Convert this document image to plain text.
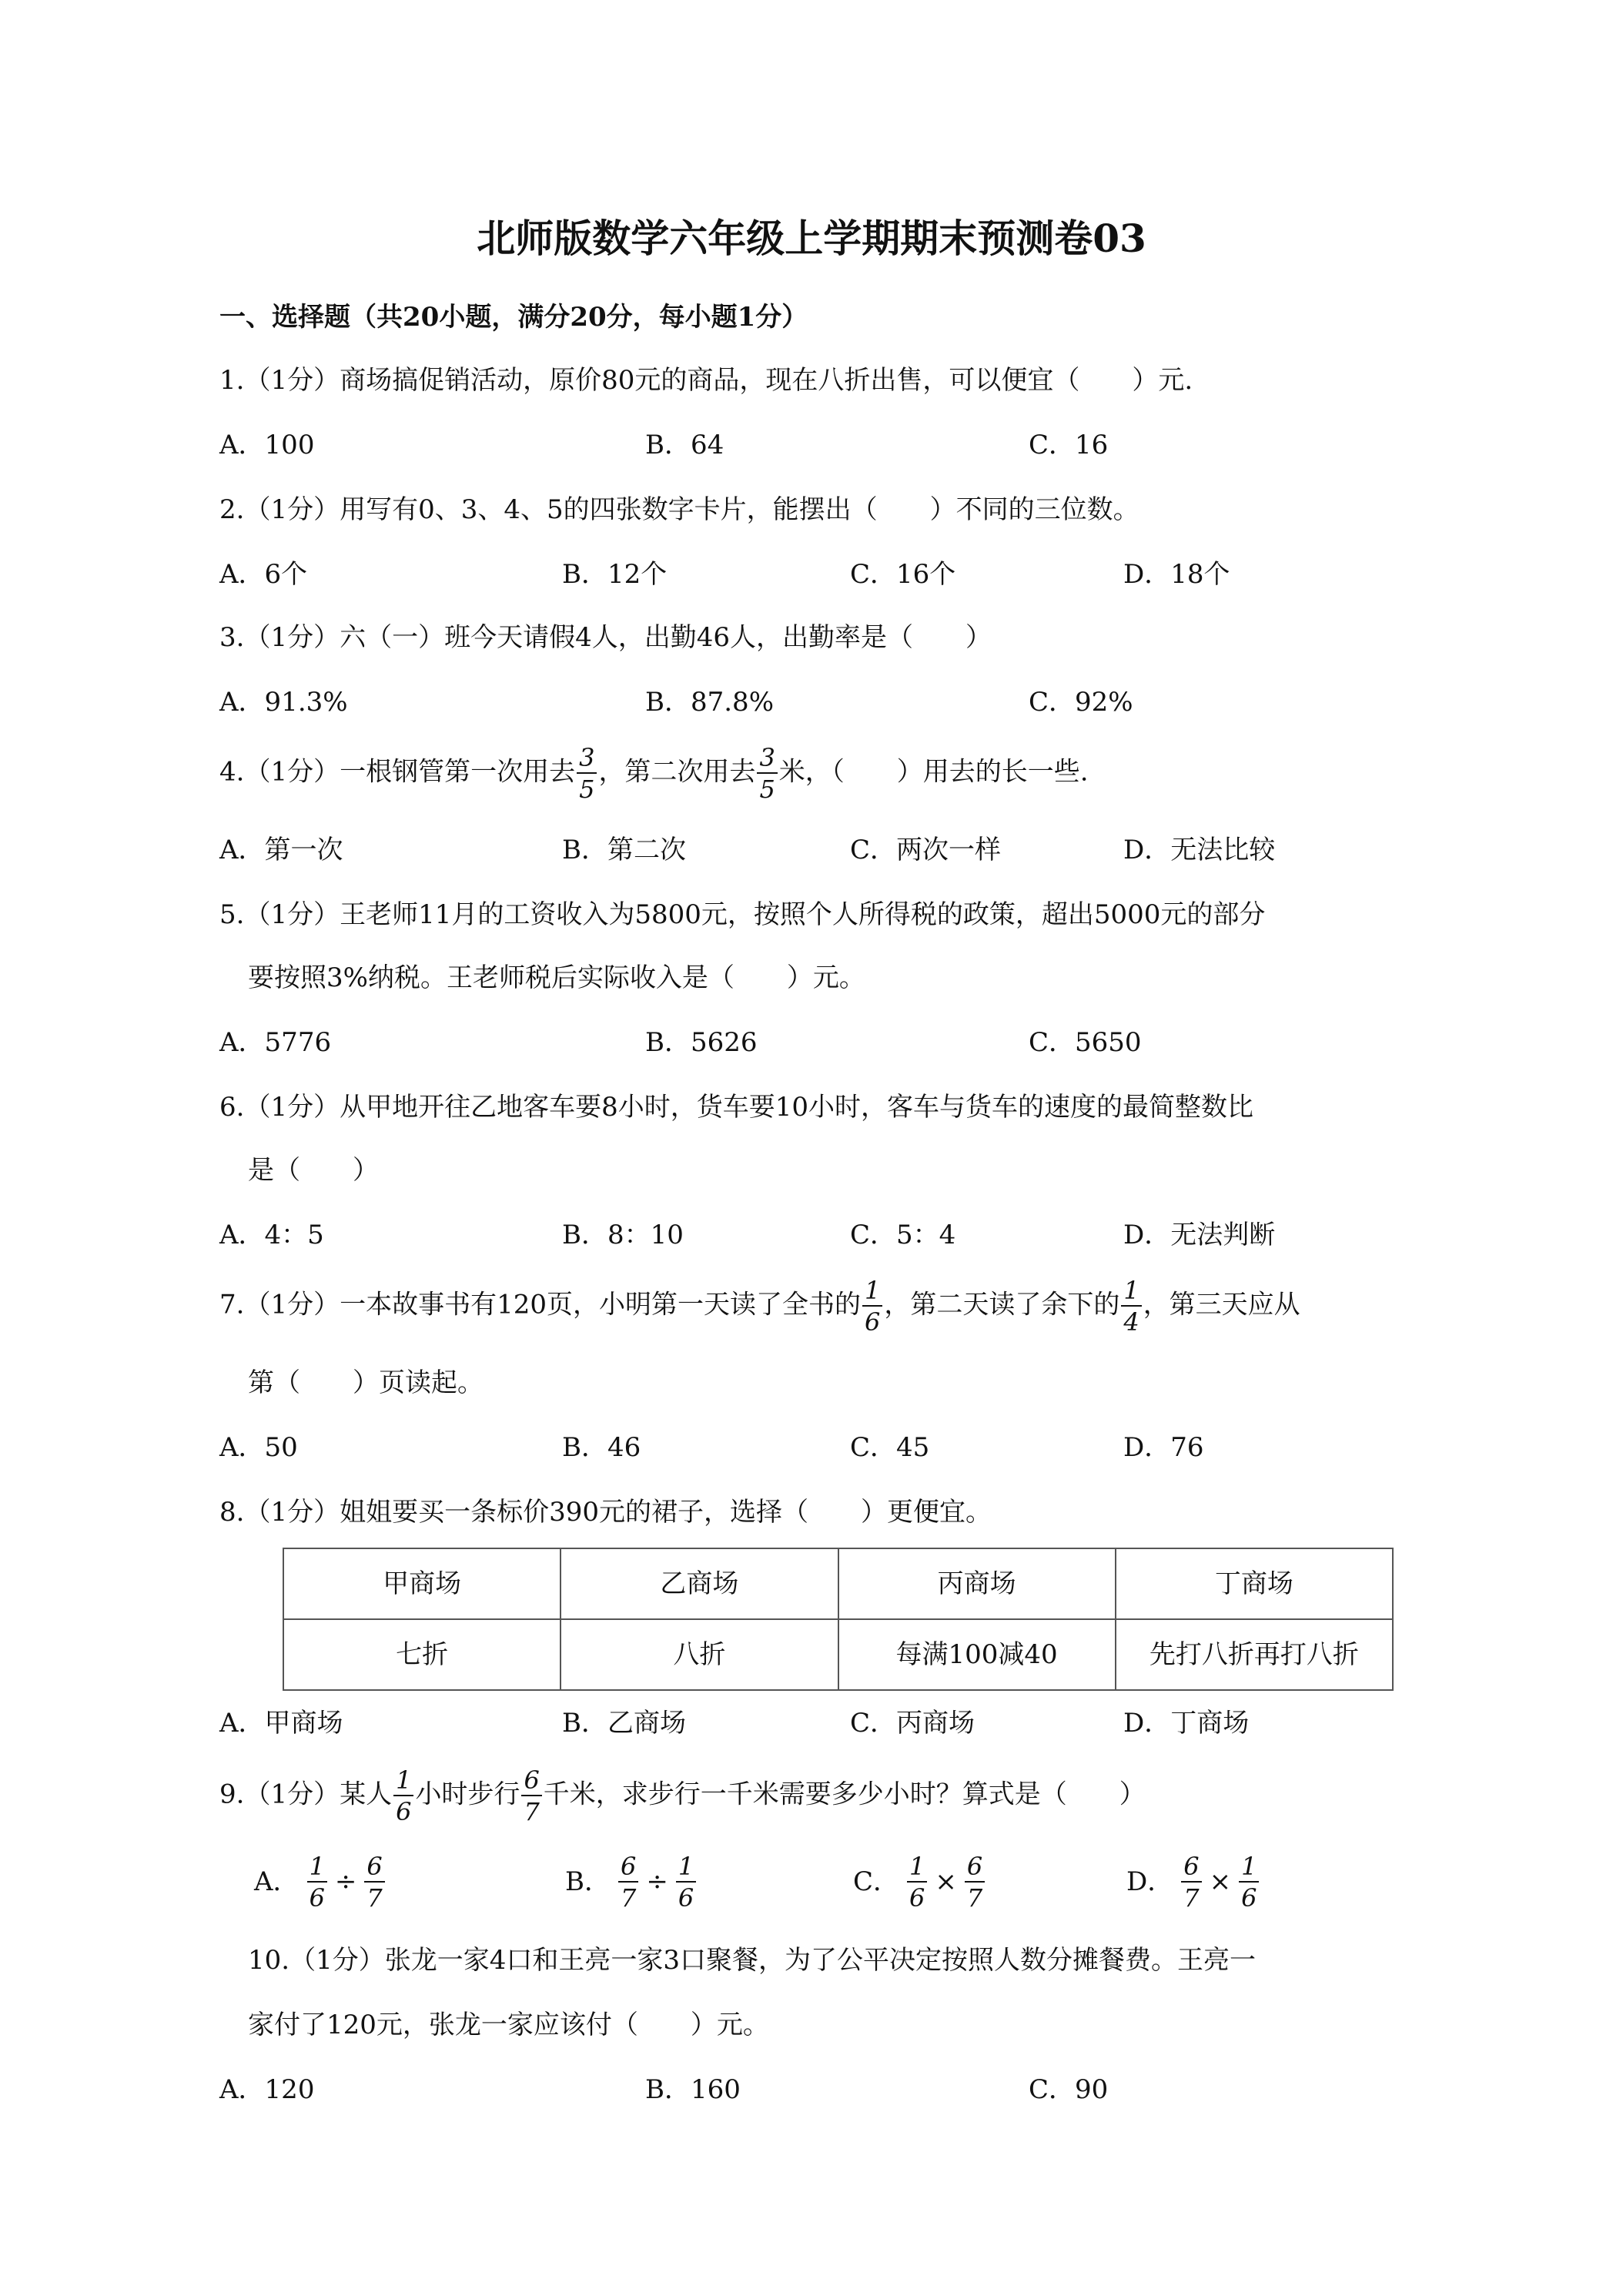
北师版数学六年级上学期期末预测卷03
一、选择题（共20小题，满分20分，每小题1分）
1.（1分）商场搞促销活动，原价80元的商品，现在八折出售，可以便宜（　　）元.
A．100	B．64	C．16
2.（1分）用写有0、3、4、5的四张数字卡片，能摆出（　　）不同的三位数。
A．6个	B．12个	C．16个	D．18个
3.（1分）六（一）班今天请假4人，出勤46人，出勤率是（　　）
A．91.3%	B．87.8%	C．92%
4.（1分）一根钢管第一次用去 $\frac{3}{5}$ ，第二次用去 $\frac{3}{5}$ 米，（　　）用去的长一些.
A．第一次	B．第二次	C．两次一样	D．无法比较
5.（1分）王老师11月的工资收入为5800元，按照个人所得税的政策，超出5000元的部分
要按照3%纳税。王老师税后实际收入是（　　）元。
A．5776	B．5626	C．5650
6.（1分）从甲地开往乙地客车要8小时，货车要10小时，客车与货车的速度的最简整数比
是（　　）
A．4：5	B．8：10	C．5：4	D．无法判断
7.（1分）一本故事书有120页，小明第一天读了全书的 $\frac{1}{6}$ ，第二天读了余下的 $\frac{1}{4}$ ，第三天应从
第（　　）页读起。
A．50	B．46	C．45	D．76
8.（1分）姐姐要买一条标价390元的裙子，选择（　　）更便宜。
甲商场	乙商场	丙商场	丁商场
七折	八折	每满100减40	先打八折再打八折
A．甲商场	B．乙商场	C．丙商场	D．丁商场
9.（1分）某人 $\frac{1}{6}$ 小时步行 $\frac{6}{7}$ 千米，求步行一千米需要多少小时？算式是（　　）
A． $\frac{1}{6} \div \frac{6}{7}$	B． $\frac{6}{7} \div \frac{1}{6}$	C． $\frac{1}{6} \times \frac{6}{7}$	D． $\frac{6}{7} \times \frac{1}{6}$
10.（1分）张龙一家4口和王亮一家3口聚餐，为了公平决定按照人数分摊餐费。王亮一
家付了120元，张龙一家应该付（　　）元。
A．120	B．160	C．90
